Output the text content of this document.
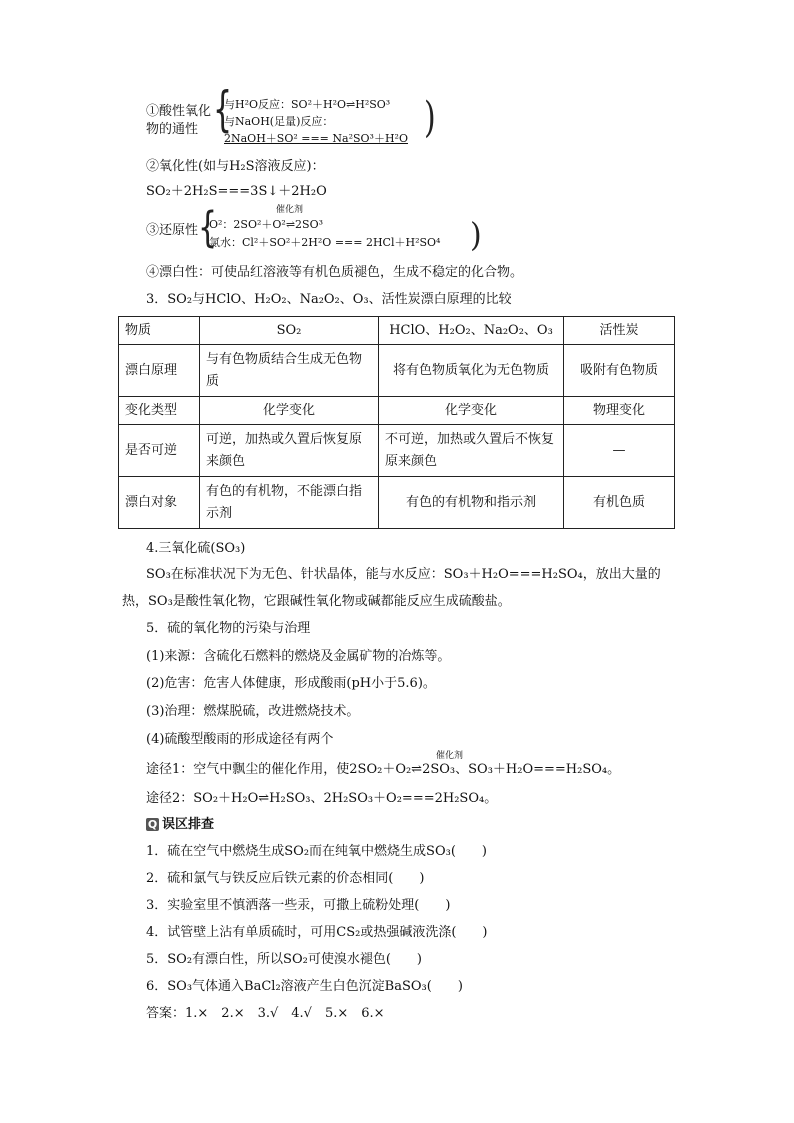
①酸性氧化
物的通性 {
与H²O反应：SO²＋H²O⇌H²SO³
与NaOH(足量)反应：
2NaOH＋SO² === Na²SO³＋H²O )
②氧化性(如与H₂S溶液反应)：
SO₂＋2H₂S===3S↓＋2H₂O
③还原性 {	催化剂
O²：2SO²＋O²⇌2SO³
氯水：Cl²＋SO²＋2H²O === 2HCl＋H²SO⁴ )
④漂白性：可使品红溶液等有机色质褪色，生成不稳定的化合物。
3．SO₂与HClO、H₂O₂、Na₂O₂、O₃、活性炭漂白原理的比较
物质	SO₂	HClO、H₂O₂、Na₂O₂、O₃	活性炭
漂白原理	与有色物质结合生成无色物质	将有色物质氧化为无色物质	吸附有色物质
变化类型	化学变化	化学变化	物理变化
是否可逆	可逆，加热或久置后恢复原来颜色	不可逆，加热或久置后不恢复原来颜色	—
漂白对象	有色的有机物，不能漂白指示剂	有色的有机物和指示剂	有机色质
4.三氧化硫(SO₃)
SO₃在标准状况下为无色、针状晶体，能与水反应：SO₃＋H₂O===H₂SO₄，放出大量的
热，SO₃是酸性氧化物，它跟碱性氧化物或碱都能反应生成硫酸盐。
5．硫的氧化物的污染与治理
(1)来源：含硫化石燃料的燃烧及金属矿物的冶炼等。
(2)危害：危害人体健康，形成酸雨(pH小于5.6)。
(3)治理：燃煤脱硫，改进燃烧技术。
(4)硫酸型酸雨的形成途径有两个
催化剂
途径1：空气中飘尘的催化作用，使2SO₂＋O₂⇌2SO₃、SO₃＋H₂O===H₂SO₄。
途径2：SO₂＋H₂O⇌H₂SO₃、2H₂SO₃＋O₂===2H₂SO₄。
Q 误区排查
1．硫在空气中燃烧生成SO₂而在纯氧中燃烧生成SO₃(　　)
2．硫和氯气与铁反应后铁元素的价态相同(　　)
3．实验室里不慎洒落一些汞，可撒上硫粉处理(　　)
4．试管壁上沾有单质硫时，可用CS₂或热强碱液洗涤(　　)
5．SO₂有漂白性，所以SO₂可使溴水褪色(　　)
6．SO₃气体通入BaCl₂溶液产生白色沉淀BaSO₃(　　)
答案：1.×　2.×　3.√　4.√　5.×　6.×
